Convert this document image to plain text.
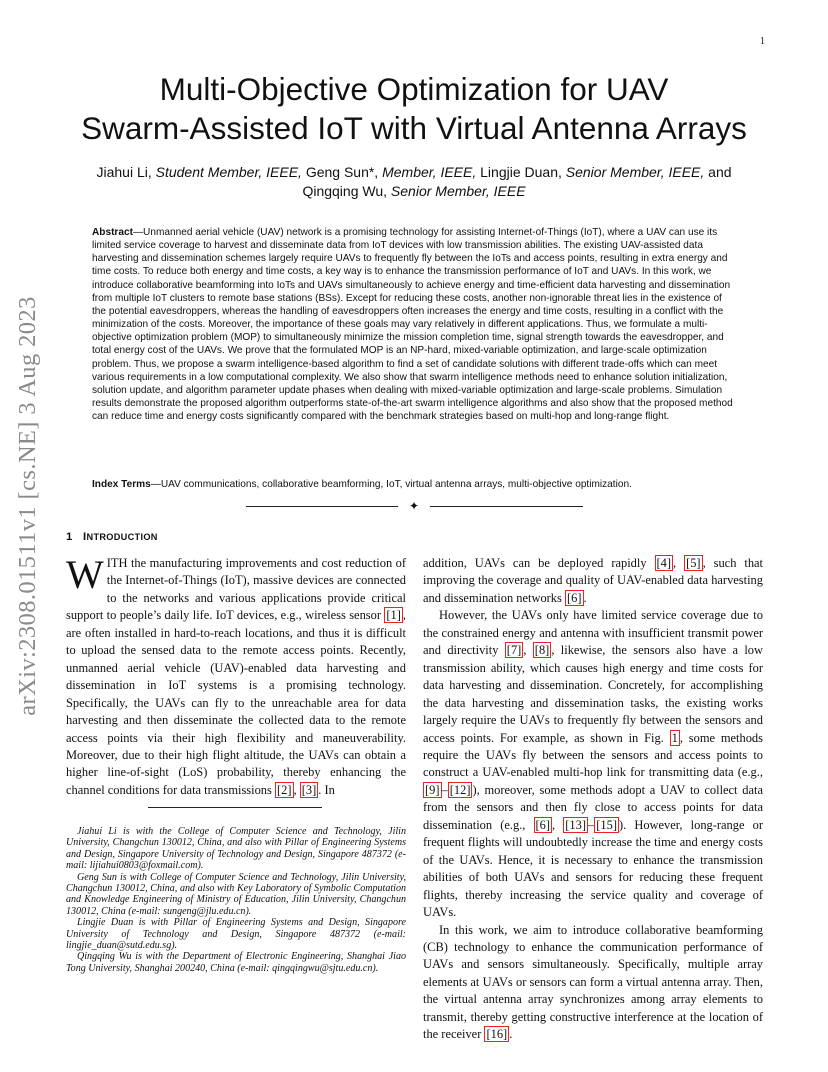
1
arXiv:2308.01511v1 [cs.NE] 3 Aug 2023
Multi-Objective Optimization for UAV
Swarm-Assisted IoT with Virtual Antenna Arrays
Jiahui Li, Student Member, IEEE, Geng Sun*, Member, IEEE, Lingjie Duan, Senior Member, IEEE, and
Qingqing Wu, Senior Member, IEEE
Abstract—Unmanned aerial vehicle (UAV) network is a promising technology for assisting Internet-of-Things (IoT), where a UAV can use its limited service coverage to harvest and disseminate data from IoT devices with low transmission abilities. The existing UAV-assisted data harvesting and dissemination schemes largely require UAVs to frequently fly between the IoTs and access points, resulting in extra energy and time costs. To reduce both energy and time costs, a key way is to enhance the transmission performance of IoT and UAVs. In this work, we introduce collaborative beamforming into IoTs and UAVs simultaneously to achieve energy and time-efficient data harvesting and dissemination from multiple IoT clusters to remote base stations (BSs). Except for reducing these costs, another non-ignorable threat lies in the existence of the potential eavesdroppers, whereas the handling of eavesdroppers often increases the energy and time costs, resulting in a conflict with the minimization of the costs. Moreover, the importance of these goals may vary relatively in different applications. Thus, we formulate a multi-objective optimization problem (MOP) to simultaneously minimize the mission completion time, signal strength towards the eavesdropper, and total energy cost of the UAVs. We prove that the formulated MOP is an NP-hard, mixed-variable optimization, and large-scale optimization problem. Thus, we propose a swarm intelligence-based algorithm to find a set of candidate solutions with different trade-offs which can meet various requirements in a low computational complexity. We also show that swarm intelligence methods need to enhance solution initialization, solution update, and algorithm parameter update phases when dealing with mixed-variable optimization and large-scale problems. Simulation results demonstrate the proposed algorithm outperforms state-of-the-art swarm intelligence algorithms and also show that the proposed method can reduce time and energy costs significantly compared with the benchmark strategies based on multi-hop and long-range flight.
Index Terms—UAV communications, collaborative beamforming, IoT, virtual antenna arrays, multi-objective optimization.
✦
1 INTRODUCTION

WITH the manufacturing improvements and cost reduction of the Internet-of-Things (IoT), massive devices are connected to the networks and various applications provide critical support to people’s daily life. IoT devices, e.g., wireless sensor [1] , are often installed in hard-to-reach locations, and thus it is difficult to upload the sensed data to the remote access points. Recently, unmanned aerial vehicle (UAV)-enabled data harvesting and dissemination in IoT systems is a promising technology. Specifically, the UAVs can fly to the unreachable area for data harvesting and then disseminate the collected data to the remote access points via their high flexibility and maneuverability. Moreover, due to their high flight altitude, the UAVs can obtain a higher line-of-sight (LoS) probability, thereby enhancing the channel conditions for data transmissions [2] , [3] . In

Jiahui Li is with the College of Computer Science and Technology, Jilin University, Changchun 130012, China, and also with Pillar of Engineering Systems and Design, Singapore University of Technology and Design, Singapore 487372 (e-mail: lijiahui0803@foxmail.com).

Geng Sun is with College of Computer Science and Technology, Jilin University, Changchun 130012, China, and also with Key Laboratory of Symbolic Computation and Knowledge Engineering of Ministry of Education, Jilin University, Changchun 130012, China (e-mail: sungeng@jlu.edu.cn).

Lingjie Duan is with Pillar of Engineering Systems and Design, Singapore University of Technology and Design, Singapore 487372 (e-mail: lingjie_duan@sutd.edu.sg).

Qingqing Wu is with the Department of Electronic Engineering, Shanghai Jiao Tong University, Shanghai 200240, China (e-mail: qingqingwu@sjtu.edu.cn).

addition, UAVs can be deployed rapidly [4] , [5] , such that improving the coverage and quality of UAV-enabled data harvesting and dissemination networks [6] .

However, the UAVs only have limited service coverage due to the constrained energy and antenna with insufficient transmit power and directivity [7] , [8] , likewise, the sensors also have a low transmission ability, which causes high energy and time costs for data harvesting and dissemination. Concretely, for accomplishing the data harvesting and dissemination tasks, the existing works largely require the UAVs to frequently fly between the sensors and access points. For example, as shown in Fig. 1 , some methods require the UAVs fly between the sensors and access points to construct a UAV-enabled multi-hop link for transmitting data (e.g., [9] – [12] ), moreover, some methods adopt a UAV to collect data from the sensors and then fly close to access points for data dissemination (e.g., [6] , [13] – [15] ). However, long-range or frequent flights will undoubtedly increase the time and energy costs of the UAVs. Hence, it is necessary to enhance the transmission abilities of both UAVs and sensors for reducing these frequent flights, thereby increasing the service quality and coverage of UAVs.

In this work, we aim to introduce collaborative beamforming (CB) technology to enhance the communication performance of UAVs and sensors simultaneously. Specifically, multiple array elements at UAVs or sensors can form a virtual antenna array. Then, the virtual antenna array synchronizes among array elements to transmit, thereby getting constructive interference at the location of the receiver [16] .
